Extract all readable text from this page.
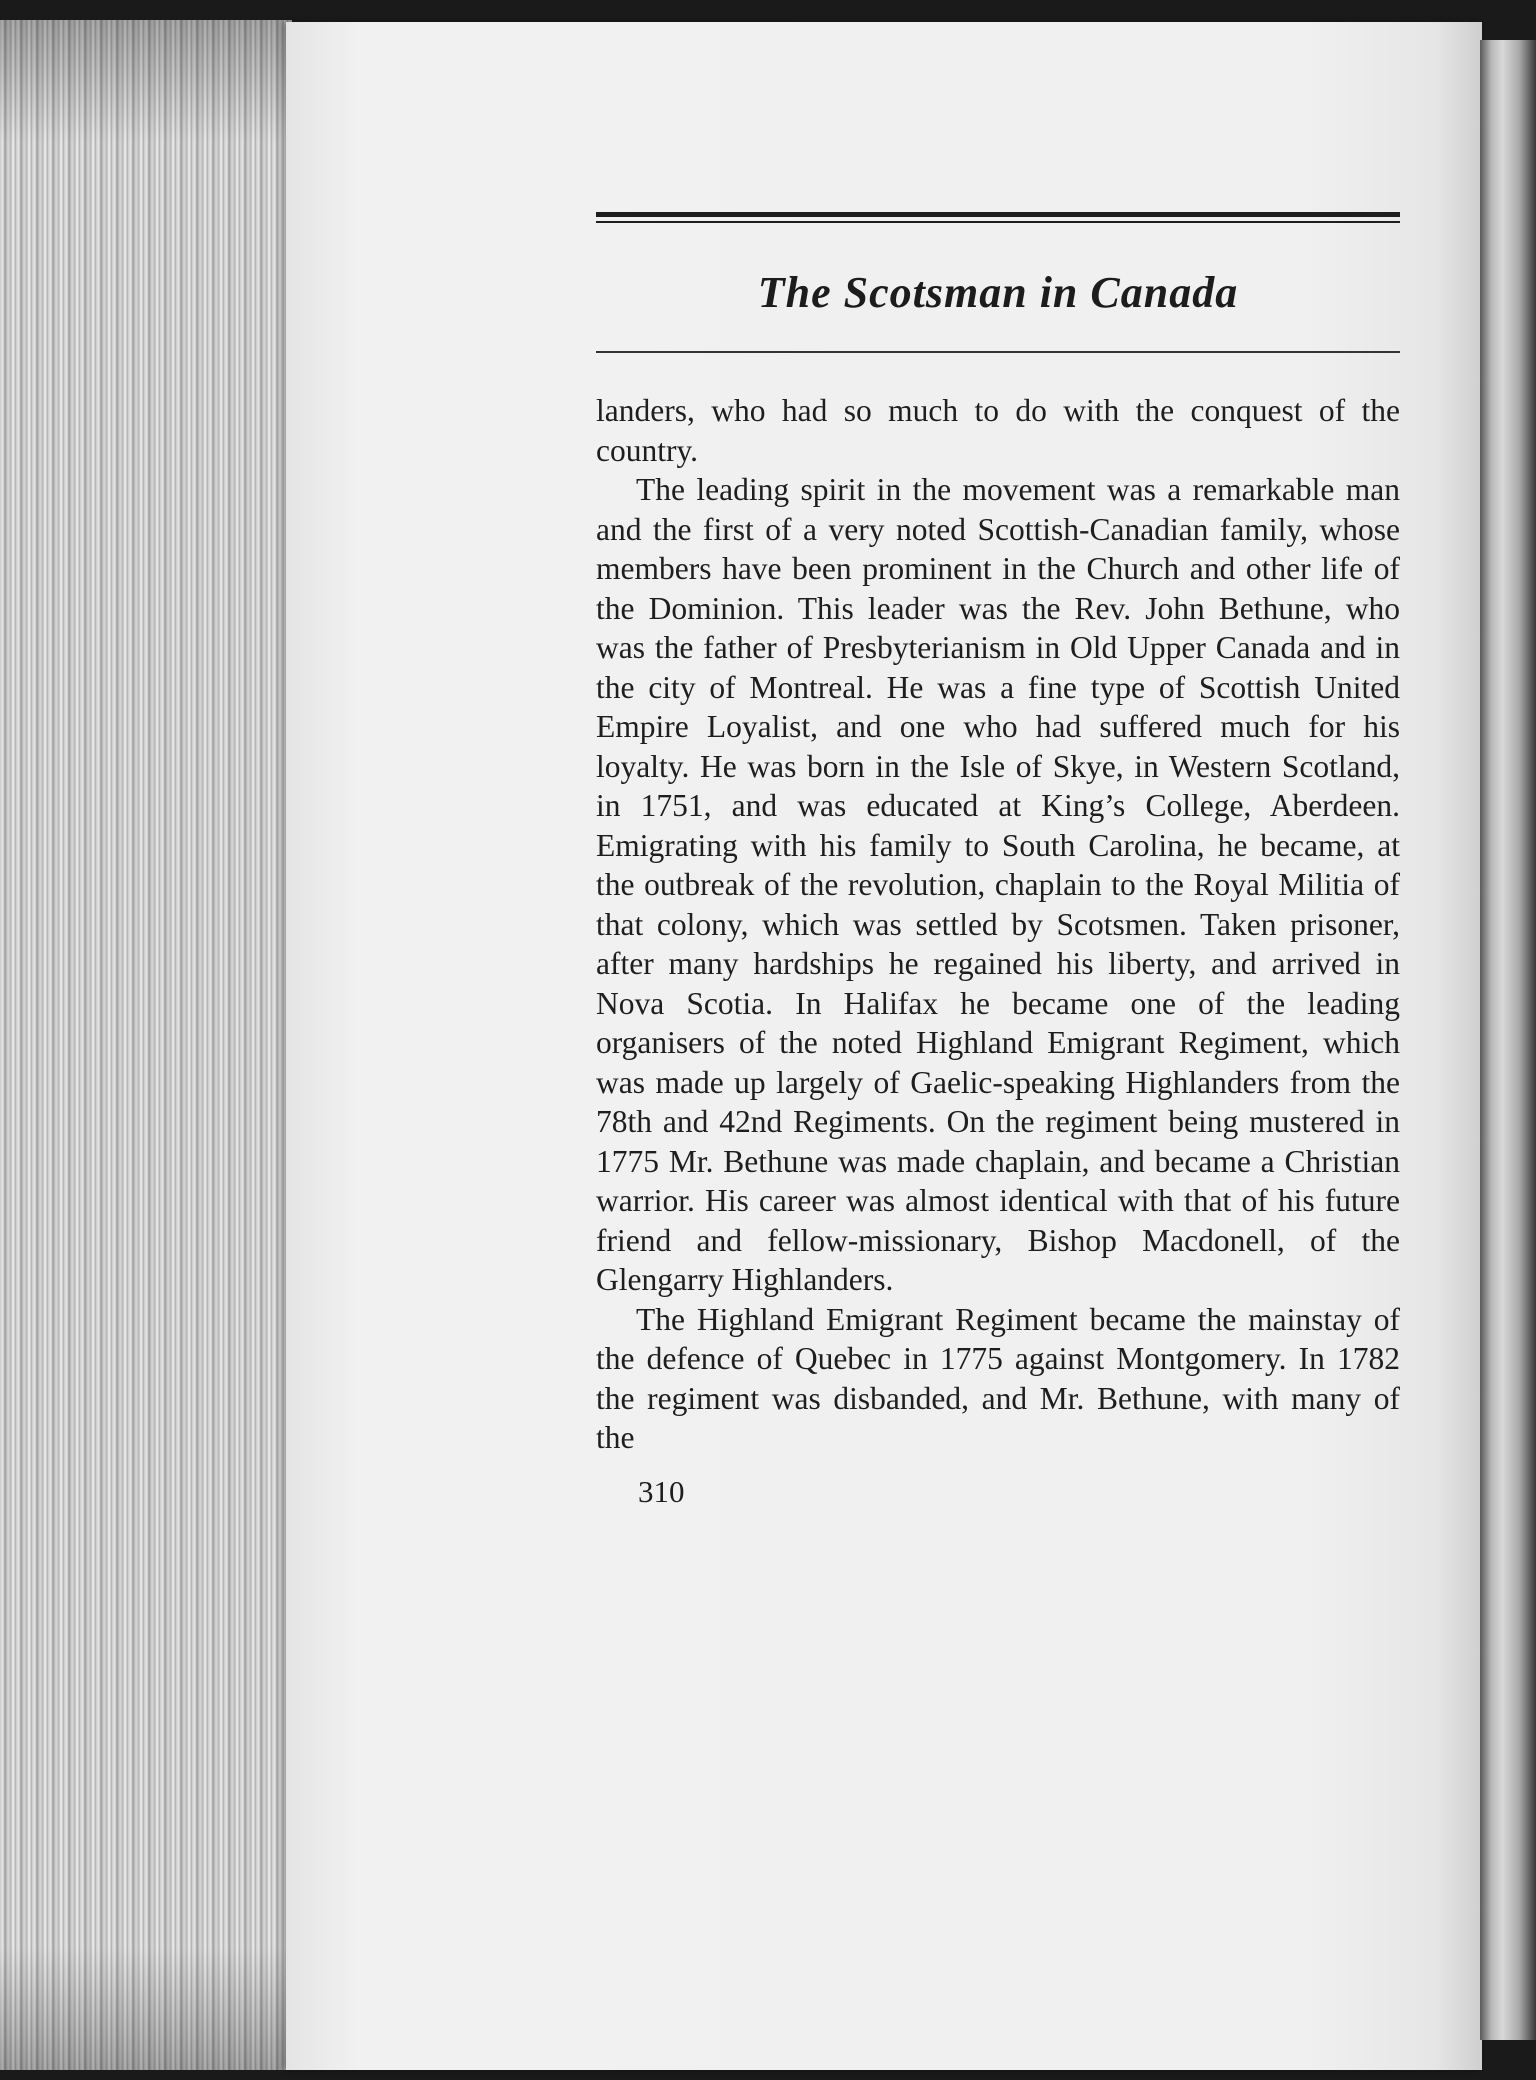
The Scotsman in Canada

landers, who had so much to do with the conquest of the country.

The leading spirit in the movement was a remarkable man and the first of a very noted Scottish-Canadian family, whose members have been prominent in the Church and other life of the Dominion. This leader was the Rev. John Bethune, who was the father of Presbyterianism in Old Upper Canada and in the city of Montreal. He was a fine type of Scottish United Empire Loyalist, and one who had suffered much for his loyalty. He was born in the Isle of Skye, in Western Scotland, in 1751, and was educated at King’s College, Aberdeen. Emigrating with his family to South Carolina, he became, at the outbreak of the revolution, chaplain to the Royal Militia of that colony, which was settled by Scotsmen. Taken prisoner, after many hardships he regained his liberty, and arrived in Nova Scotia. In Halifax he became one of the leading organisers of the noted Highland Emigrant Regiment, which was made up largely of Gaelic-speaking Highlanders from the 78th and 42nd Regiments. On the regiment being mustered in 1775 Mr. Bethune was made chaplain, and became a Christian warrior. His career was almost identical with that of his future friend and fellow-missionary, Bishop Macdonell, of the Glengarry Highlanders.

The Highland Emigrant Regiment became the mainstay of the defence of Quebec in 1775 against Montgomery. In 1782 the regiment was disbanded, and Mr. Bethune, with many of the

310
